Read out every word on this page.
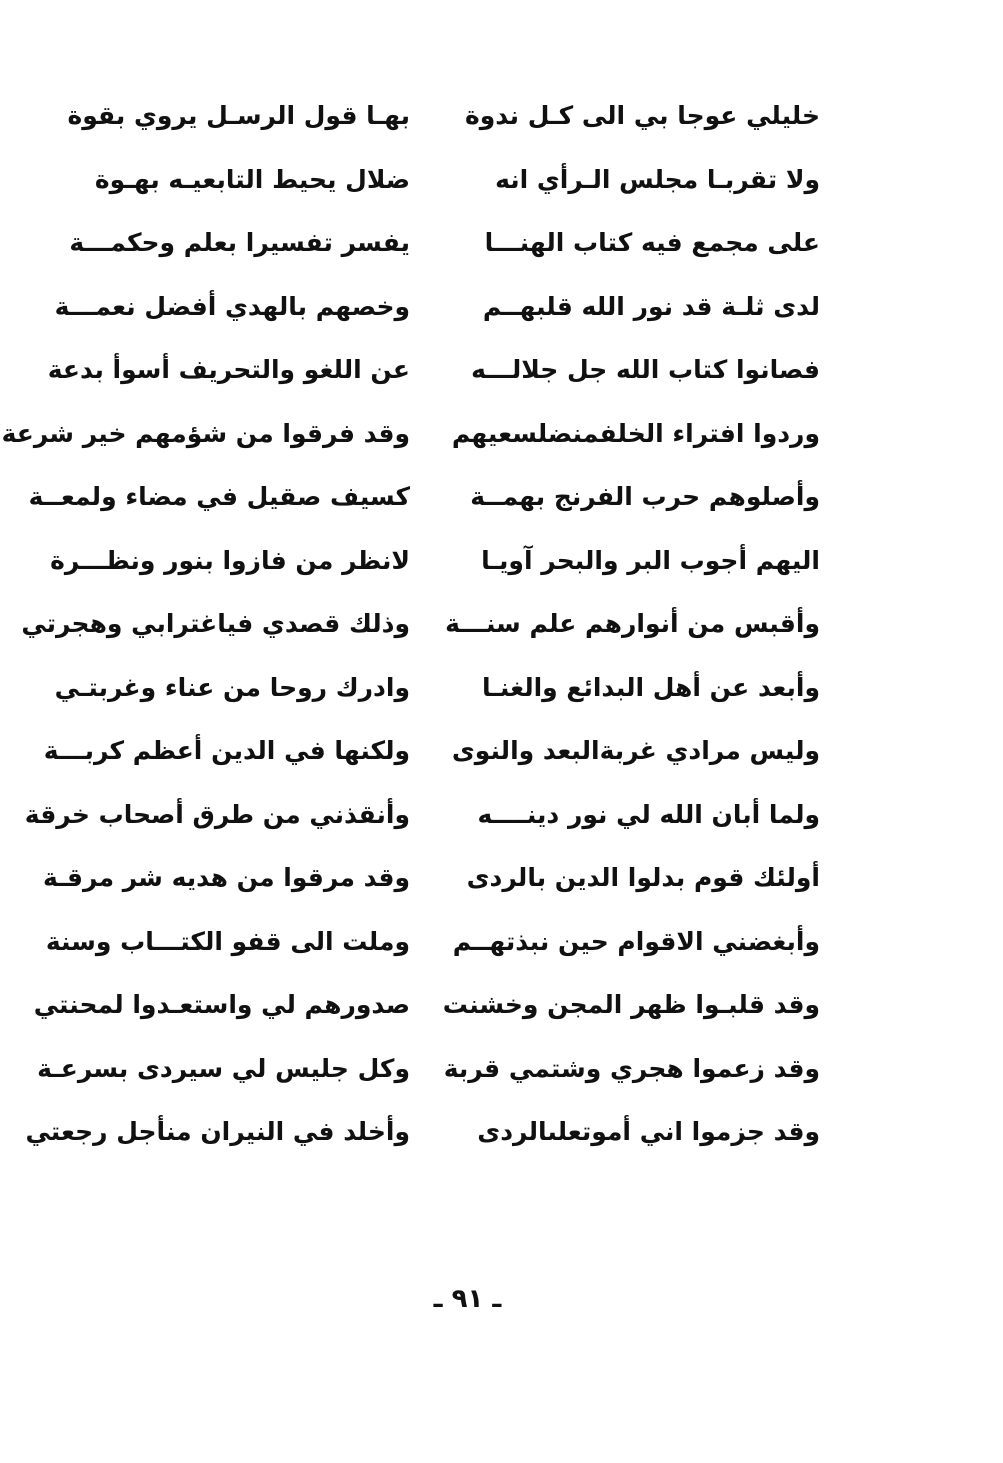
خليلي عوجا بي الى كـل ندوة
بهـا قول الرسـل يروي بقوة
ولا تقربـا مجلس الـرأي انه
ضلال يحيط التابعيـه بهـوة
على مجمع فيه كتاب الهنـــا
يفسر تفسيرا بعلم وحكمـــة
لدى ثلـة قد نور الله قلبهــم
وخصهم بالهدي أفضل نعمـــة
فصانوا كتاب الله جل جلالـــه
عن اللغو والتحريف أسوأ بدعة
وردوا افتراء الخلفمنضلسعيهم
وقد فرقوا من شؤمهم خير شرعة
وأصلوهم حرب الفرنج بهمــة
كسيف صقيل في مضاء ولمعــة
اليهم أجوب البر والبحر آويـا
لانظر من فازوا بنور ونظـــرة
وأقبس من أنوارهم علم سنـــة
وذلك قصدي فياغترابي وهجرتي
وأبعد عن أهل البدائع والغنـا
وادرك روحا من عناء وغربتـي
وليس مرادي غربةالبعد والنوى
ولكنها في الدين أعظم كربـــة
ولما أبان الله لي نور دينــــه
وأنقذني من طرق أصحاب خرقة
أولئك قوم بدلوا الدين بالردى
وقد مرقوا من هديه شر مرقـة
وأبغضني الاقوام حين نبذتهــم
وملت الى قفو الكتـــاب وسنة
وقد قلبـوا ظهر المجن وخشنت
صدورهم لي واستعـدوا لمحنتي
وقد زعموا هجري وشتمي قربة
وكل جليس لي سيردى بسرعـة
وقد جزموا اني أموتعلىالردى
وأخلد في النيران منأجل رجعتي
ـ ٩١ ـ
